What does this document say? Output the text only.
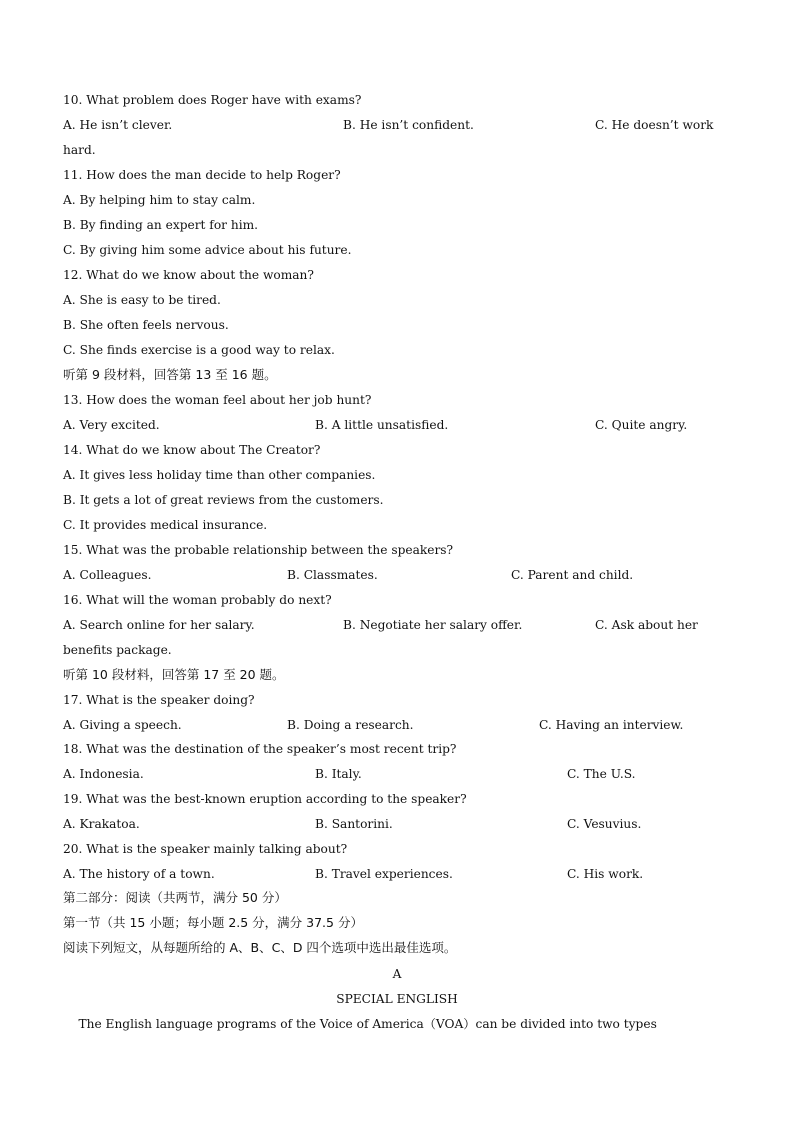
10. What problem does Roger have with exams?
A. He isn’t clever.	B. He isn’t confident.	C. He doesn’t work
hard.
11. How does the man decide to help Roger?
A. By helping him to stay calm.
B. By finding an expert for him.
C. By giving him some advice about his future.
12. What do we know about the woman?
A. She is easy to be tired.
B. She often feels nervous.
C. She finds exercise is a good way to relax.
听第 9 段材料，回答第 13 至 16 题。
13. How does the woman feel about her job hunt?
A. Very excited.	B. A little unsatisfied.	C. Quite angry.
14. What do we know about The Creator?
A. It gives less holiday time than other companies.
B. It gets a lot of great reviews from the customers.
C. It provides medical insurance.
15. What was the probable relationship between the speakers?
A. Colleagues.	B. Classmates.	C. Parent and child.
16. What will the woman probably do next?
A. Search online for her salary.	B. Negotiate her salary offer.	C. Ask about her
benefits package.
听第 10 段材料，回答第 17 至 20 题。
17. What is the speaker doing?
A. Giving a speech.	B. Doing a research.	C. Having an interview.
18. What was the destination of the speaker’s most recent trip?
A. Indonesia.	B. Italy.	C. The U.S.
19. What was the best-known eruption according to the speaker?
A. Krakatoa.	B. Santorini.	C. Vesuvius.
20. What is the speaker mainly talking about?
A. The history of a town.	B. Travel experiences.	C. His work.
第二部分：阅读（共两节，满分 50 分）
第一节（共 15 小题；每小题 2.5 分，满分 37.5 分）
阅读下列短文，从每题所给的 A、B、C、D 四个选项中选出最佳选项。
A
SPECIAL ENGLISH
The English language programs of the Voice of America（VOA）can be divided into two types
